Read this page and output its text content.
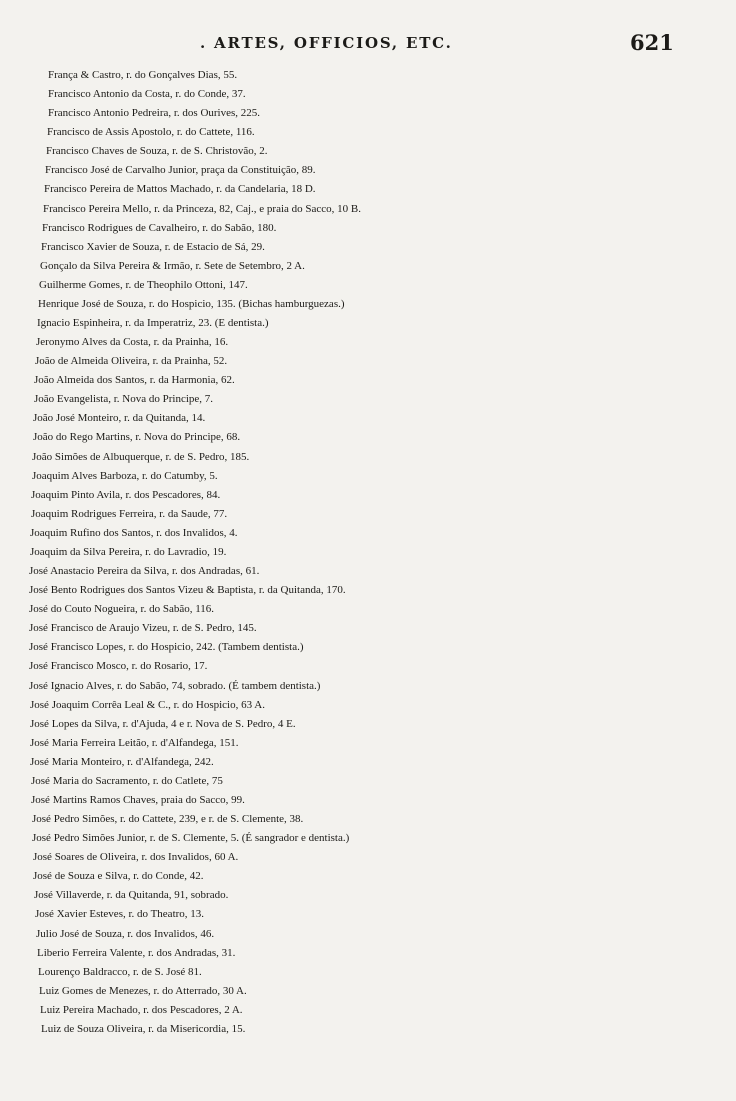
. ARTES, OFFICIOS, ETC.	621
França & Castro, r. do Gonçalves Dias, 55.
Francisco Antonio da Costa, r. do Conde, 37.
Francisco Antonio Pedreira, r. dos Ourives, 225.
Francisco de Assis Apostolo, r. do Cattete, 116.
Francisco Chaves de Souza, r. de S. Christovão, 2.
Francisco José de Carvalho Junior, praça da Constituição, 89.
Francisco Pereira de Mattos Machado, r. da Candelaria, 18 D.
Francisco Pereira Mello, r. da Princeza, 82, Caj., e praia do Sacco, 10 B.
Francisco Rodrigues de Cavalheiro, r. do Sabão, 180.
Francisco Xavier de Souza, r. de Estacio de Sá, 29.
Gonçalo da Silva Pereira & Irmão, r. Sete de Setembro, 2 A.
Guilherme Gomes, r. de Theophilo Ottoni, 147.
Henrique José de Souza, r. do Hospicio, 135. (Bichas hamburguezas.)
Ignacio Espinheira, r. da Imperatriz, 23. (E dentista.)
Jeronymo Alves da Costa, r. da Prainha, 16.
João de Almeida Oliveira, r. da Prainha, 52.
João Almeida dos Santos, r. da Harmonia, 62.
João Evangelista, r. Nova do Principe, 7.
João José Monteiro, r. da Quitanda, 14.
João do Rego Martins, r. Nova do Principe, 68.
João Simões de Albuquerque, r. de S. Pedro, 185.
Joaquim Alves Barboza, r. do Catumby, 5.
Joaquim Pinto Avila, r. dos Pescadores, 84.
Joaquim Rodrigues Ferreira, r. da Saude, 77.
Joaquim Rufino dos Santos, r. dos Invalidos, 4.
Joaquim da Silva Pereira, r. do Lavradio, 19.
José Anastacio Pereira da Silva, r. dos Andradas, 61.
José Bento Rodrigues dos Santos Vizeu & Baptista, r. da Quitanda, 170.
José do Couto Noguеira, r. do Sabão, 116.
José Francisco de Araujo Vizeu, r. de S. Pedro, 145.
José Francisco Lopes, r. do Hospicio, 242. (Tambem dentista.)
José Francisco Mosco, r. do Rosario, 17.
José Ignacio Alves, r. do Sabão, 74, sobrado. (É tambem dentista.)
José Joaquim Corrêa Leal & C., r. do Hospicio, 63 A.
José Lopes da Silva, r. d'Ajuda, 4 e r. Nova de S. Pedro, 4 E.
José Maria Ferreira Leitão, r. d'Alfandega, 151.
José Maria Monteiro, r. d'Alfandega, 242.
José Maria do Sacramento, r. do Catlete, 75
José Martins Ramos Chaves, praia do Sacco, 99.
José Pedro Simões, r. do Cattete, 239, e r. de S. Clemente, 38.
José Pedro Simões Junior, r. de S. Clemente, 5. (É sangrador e dentista.)
José Soares de Oliveira, r. dos Invalidos, 60 A.
José de Souza e Silva, r. do Conde, 42.
José Villaverde, r. da Quitanda, 91, sobrado.
José Xavier Esteves, r. do Theatro, 13.
Julio José de Souza, r. dos Invalidos, 46.
Liberio Ferreira Valente, r. dos Andradas, 31.
Lourenço Baldracco, r. de S. José 81.
Luiz Gomes de Menezes, r. do Atterrado, 30 A.
Luiz Pereira Machado, r. dos Pescadores, 2 A.
Luiz de Souza Oliveira, r. da Misericordia, 15.
